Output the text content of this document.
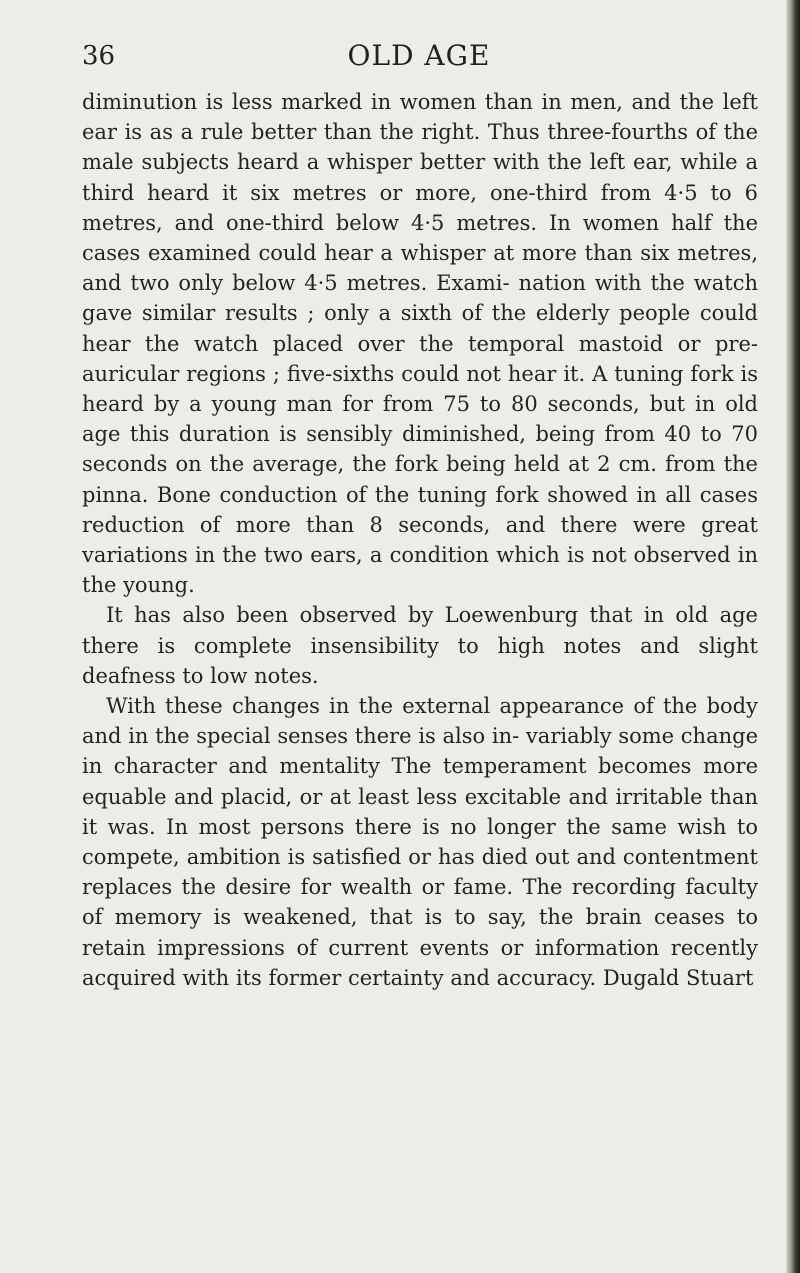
36	OLD AGE

diminution is less marked in women than in men, and the left ear is as a rule better than the right. Thus three-fourths of the male subjects heard a whisper better with the left ear, while a third heard it six metres or more, one-third from 4·5 to 6 metres, and one-third below 4·5 metres. In women half the cases examined could hear a whisper at more than six metres, and two only below 4·5 metres. Exami- nation with the watch gave similar results ; only a sixth of the elderly people could hear the watch placed over the temporal mastoid or pre-auricular regions ; five-sixths could not hear it. A tuning fork is heard by a young man for from 75 to 80 seconds, but in old age this duration is sensibly diminished, being from 40 to 70 seconds on the average, the fork being held at 2 cm. from the pinna. Bone conduction of the tuning fork showed in all cases reduction of more than 8 seconds, and there were great variations in the two ears, a condition which is not observed in the young.

It has also been observed by Loewenburg that in old age there is complete insensibility to high notes and slight deafness to low notes.

With these changes in the external appearance of the body and in the special senses there is also in- variably some change in character and mentality The temperament becomes more equable and placid, or at least less excitable and irritable than it was. In most persons there is no longer the same wish to compete, ambition is satisfied or has died out and contentment replaces the desire for wealth or fame. The recording faculty of memory is weakened, that is to say, the brain ceases to retain impressions of current events or information recently acquired with its former certainty and accuracy. Dugald Stuart
